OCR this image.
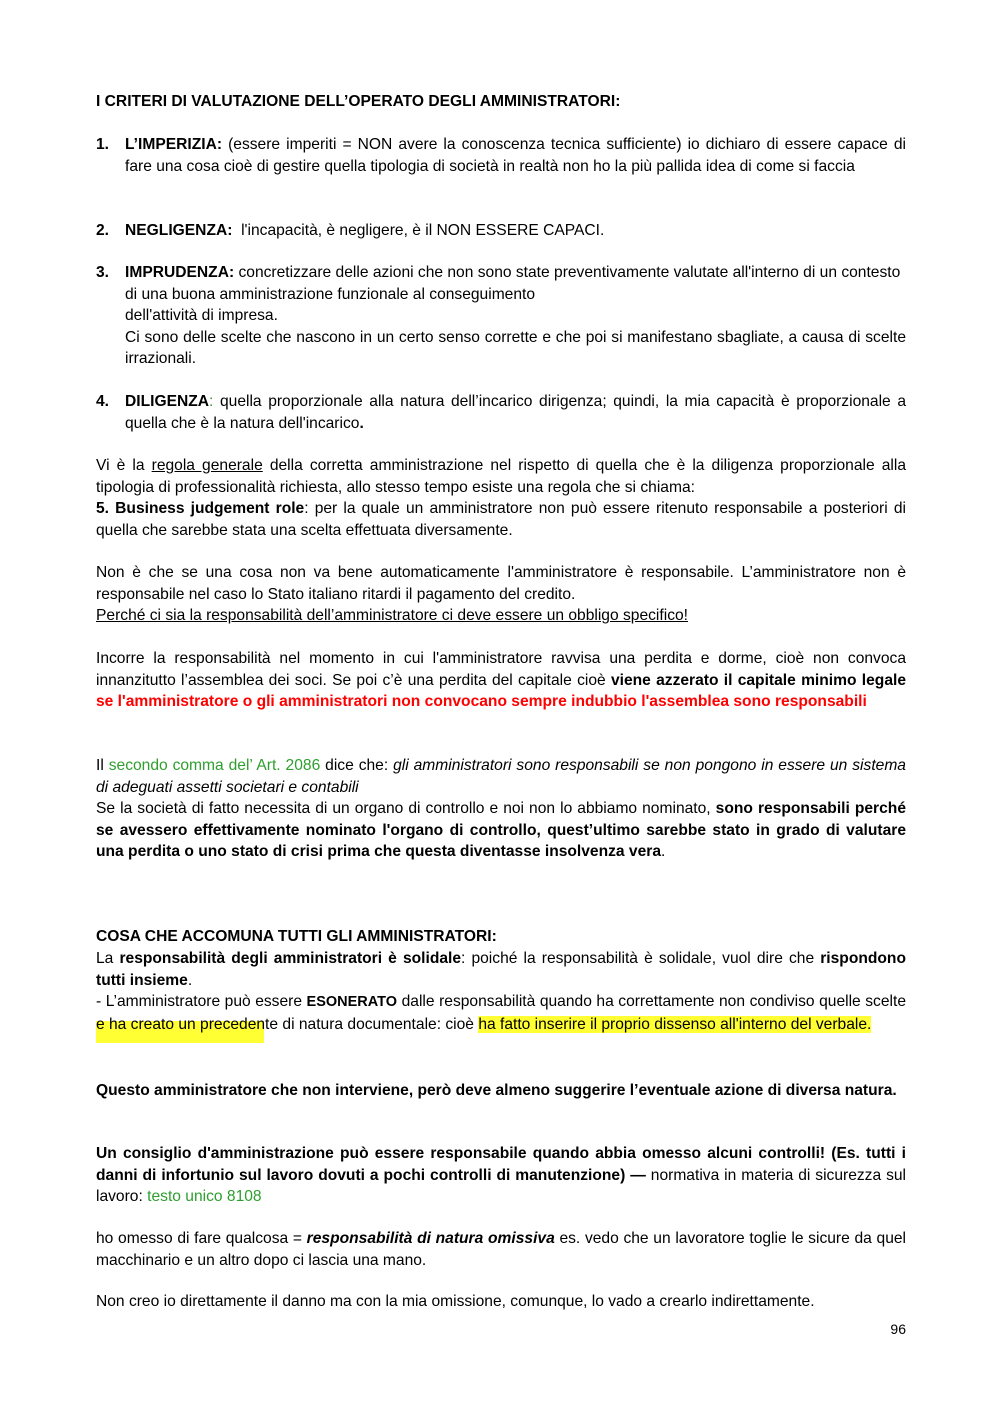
I CRITERI DI VALUTAZIONE DELL’OPERATO DEGLI AMMINISTRATORI:

1. L’IMPERIZIA: (essere imperiti = NON avere la conoscenza tecnica sufficiente) io dichiaro di essere capace di fare una cosa cioè di gestire quella tipologia di società in realtà non ho la più pallida idea di come si faccia

2. NEGLIGENZA:  l'incapacità, è negligere, è il NON ESSERE CAPACI.

3. IMPRUDENZA: concretizzare delle azioni che non sono state preventivamente valutate all'interno di un contesto di una buona amministrazione funzionale al conseguimento
dell'attività di impresa.
Ci sono delle scelte che nascono in un certo senso corrette e che poi si manifestano sbagliate, a causa di scelte irrazionali.
4. DILIGENZA: quella proporzionale alla natura dell’incarico dirigenza; quindi, la mia capacità è proporzionale a quella che è la natura dell'incarico.

Vi è la regola generale della corretta amministrazione nel rispetto di quella che è la diligenza proporzionale alla tipologia di professionalità richiesta, allo stesso tempo esiste una regola che si chiama:
5. Business judgement role: per la quale un amministratore non può essere ritenuto responsabile a posteriori di quella che sarebbe stata una scelta effettuata diversamente.

Non è che se una cosa non va bene automaticamente l'amministratore è responsabile. L’amministratore non è responsabile nel caso lo Stato italiano ritardi il pagamento del credito.
Perché ci sia la responsabilità dell’amministratore ci deve essere un obbligo specifico!

Incorre la responsabilità nel momento in cui l'amministratore ravvisa una perdita e dorme, cioè non convoca innanzitutto l’assemblea dei soci. Se poi c’è una perdita del capitale cioè viene azzerato il capitale minimo legale se l'amministratore o gli amministratori non convocano sempre indubbio l'assemblea sono responsabili

Il secondo comma del’ Art. 2086 dice che: gli amministratori sono responsabili se non pongono in essere un sistema di adeguati assetti societari e contabili
Se la società di fatto necessita di un organo di controllo e noi non lo abbiamo nominato, sono responsabili perché se avessero effettivamente nominato l'organo di controllo, quest’ultimo sarebbe stato in grado di valutare una perdita o uno stato di crisi prima che questa diventasse insolvenza vera.

COSA CHE ACCOMUNA TUTTI GLI AMMINISTRATORI:

La responsabilità degli amministratori è solidale: poiché la responsabilità è solidale, vuol dire che rispondono tutti insieme.

- L’amministratore può essere ESONERATO dalle responsabilità quando ha correttamente non condiviso quelle scelte e ha creato un precedente di natura documentale: cioè ha fatto inserire il proprio dissenso all'interno del verbale.

Questo amministratore che non interviene, però deve almeno suggerire l’eventuale azione di diversa natura.

Un consiglio d'amministrazione può essere responsabile quando abbia omesso alcuni controlli! (Es. tutti i danni di infortunio sul lavoro dovuti a pochi controlli di manutenzione) — normativa in materia di sicurezza sul lavoro: testo unico 8108

ho omesso di fare qualcosa = responsabilità di natura omissiva es. vedo che un lavoratore toglie le sicure da quel macchinario e un altro dopo ci lascia una mano.

Non creo io direttamente il danno ma con la mia omissione, comunque, lo vado a crearlo indirettamente.

96
